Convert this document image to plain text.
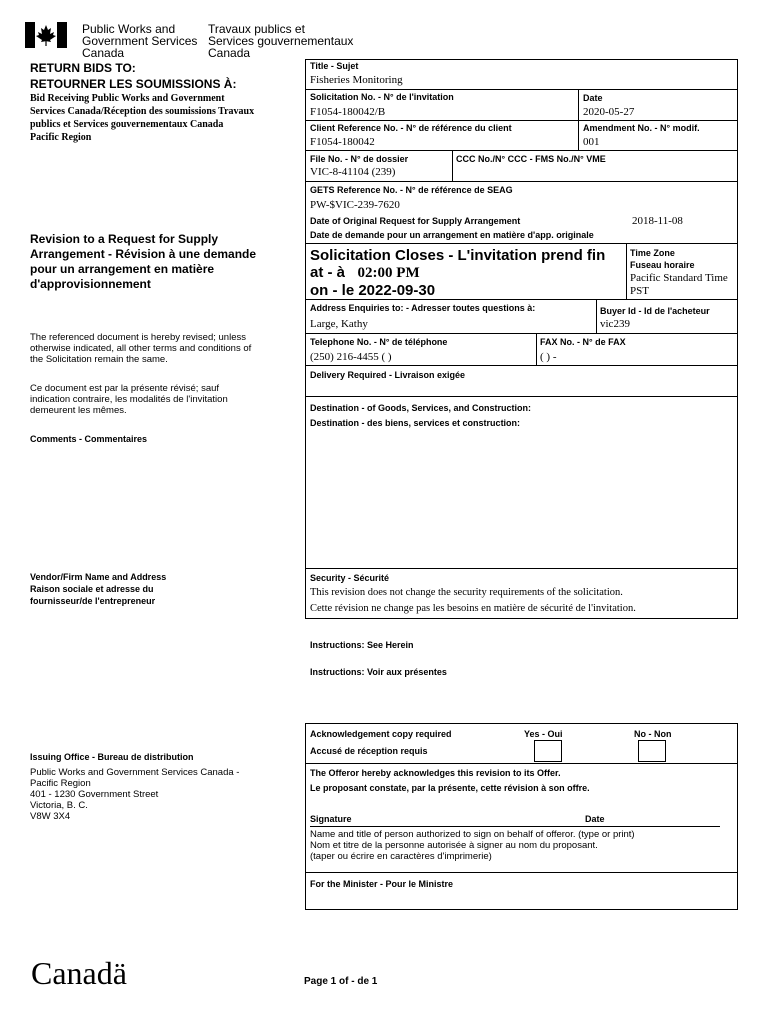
Public Works and
Government Services
Canada
Travaux publics et
Services gouvernementaux
Canada
RETURN BIDS TO:
RETOURNER LES SOUMISSIONS À:
Bid Receiving Public Works and Government
Services Canada/Réception des soumissions Travaux
publics et Services gouvernementaux Canada
Pacific Region
Revision to a Request for Supply
Arrangement - Révision à une demande
pour un arrangement en matière
d'approvisionnement
The referenced document is hereby revised; unless
otherwise indicated, all other terms and conditions of
the Solicitation remain the same.
Ce document est par la présente révisé; sauf
indication contraire, les modalités de l'invitation
demeurent les mêmes.
Comments - Commentaires
Vendor/Firm Name and Address
Raison sociale et adresse du
fournisseur/de l'entrepreneur
Issuing Office - Bureau de distribution
Public Works and Government Services Canada -
Pacific Region
401 - 1230 Government Street
Victoria, B. C.
V8W 3X4
Title - Sujet
Fisheries Monitoring
Solicitation No. - N° de l'invitation
F1054-180042/B
Date
2020-05-27
Client Reference No. - N° de référence du client
F1054-180042
Amendment No. - N° modif.
001
File No. - N° de dossier
VIC-8-41104 (239)
CCC No./N° CCC - FMS No./N° VME
GETS Reference No. - N° de référence de SEAG
PW-$VIC-239-7620
Date of Original Request for Supply Arrangement	2018-11-08
Date de demande pour un arrangement en matière d'app. originale
Solicitation Closes - L'invitation prend fin
at - à 02:00 PM
on - le 2022-09-30
Time Zone
Fuseau horaire
Pacific Standard Time
PST
Address Enquiries to: - Adresser toutes questions à:
Large, Kathy
Buyer Id - Id de l'acheteur
vic239
Telephone No. - N° de téléphone
(250) 216-4455 ( )
FAX No. - N° de FAX
( ) -
Delivery Required - Livraison exigée
Destination - of Goods, Services, and Construction:
Destination - des biens, services et construction:
Security - Sécurité
This revision does not change the security requirements of the solicitation.
Cette révision ne change pas les besoins en matière de sécurité de l'invitation.
Instructions: See Herein
Instructions: Voir aux présentes
Acknowledgement copy required
Accusé de réception requis
Yes - Oui	No - Non
The Offeror hereby acknowledges this revision to its Offer.
Le proposant constate, par la présente, cette révision à son offre.
Signature	Date
Name and title of person authorized to sign on behalf of offeror. (type or print)
Nom et titre de la personne autorisée à signer au nom du proposant.
(taper ou écrire en caractères d'imprimerie)
For the Minister - Pour le Ministre
Canadä	Page 1 of - de 1
